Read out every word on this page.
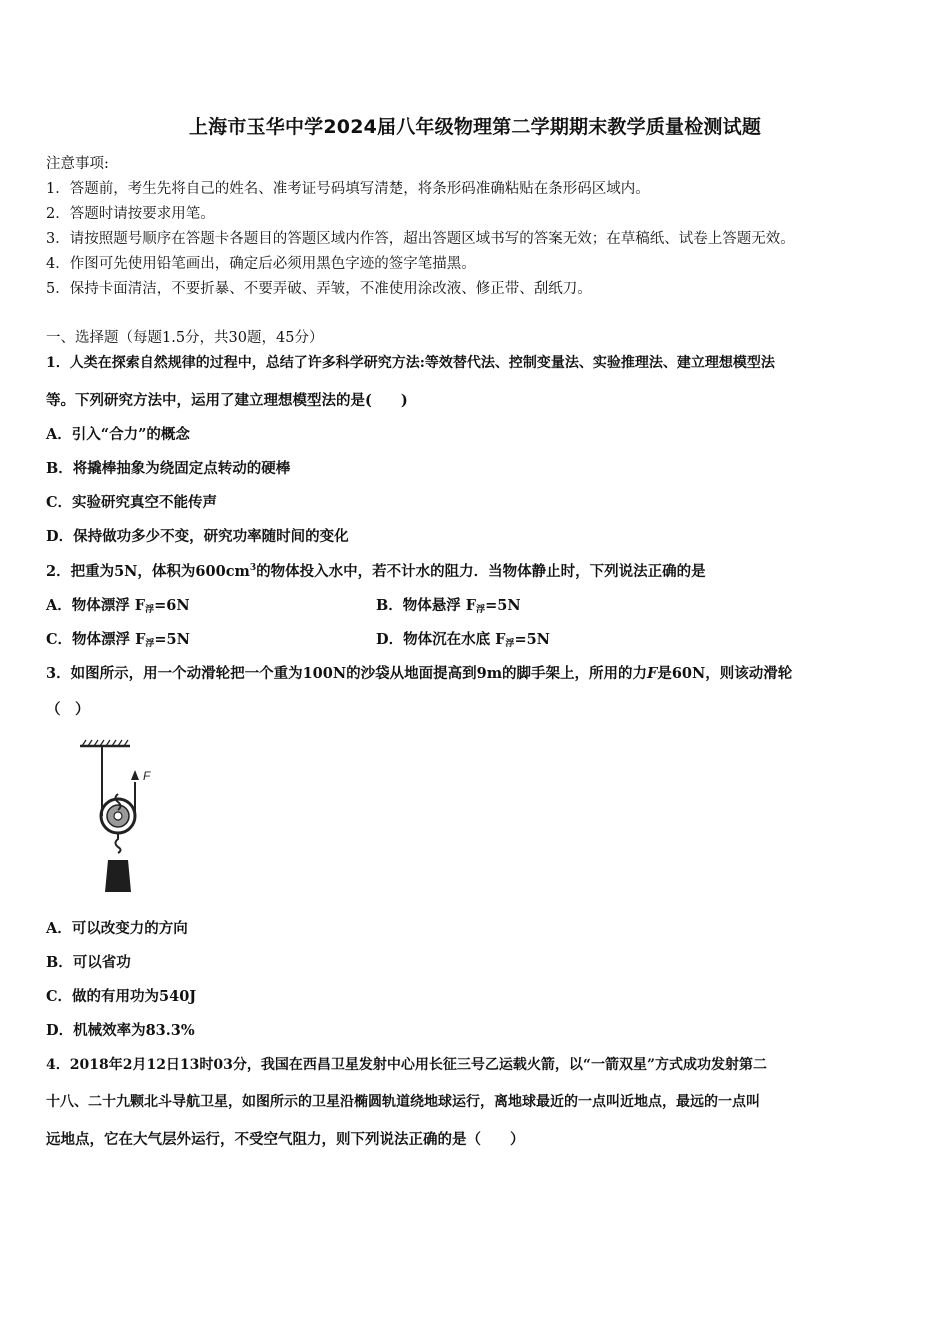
上海市玉华中学2024届八年级物理第二学期期末教学质量检测试题
注意事项:
1．答题前，考生先将自己的姓名、准考证号码填写清楚，将条形码准确粘贴在条形码区域内。
2．答题时请按要求用笔。
3．请按照题号顺序在答题卡各题目的答题区域内作答，超出答题区域书写的答案无效；在草稿纸、试卷上答题无效。
4．作图可先使用铅笔画出，确定后必须用黑色字迹的签字笔描黑。
5．保持卡面清洁，不要折暴、不要弄破、弄皱，不准使用涂改液、修正带、刮纸刀。
一、选择题（每题1.5分，共30题，45分）
1．人类在探索自然规律的过程中，总结了许多科学研究方法:等效替代法、控制变量法、实验推理法、建立理想模型法
等。下列研究方法中，运用了建立理想模型法的是(　　)
A．引入“合力”的概念
B．将撬棒抽象为绕固定点转动的硬棒
C．实验研究真空不能传声
D．保持做功多少不变，研究功率随时间的变化
2．把重为5N，体积为$600cm^3$的物体投入水中，若不计水的阻力．当物体静止时，下列说法正确的是
A．物体漂浮 $F_浮=6N$	B．物体悬浮 $F_浮=5N$
C．物体漂浮 $F_浮=5N$	D．物体沉在水底 $F_浮=5N$
3．如图所示，用一个动滑轮把一个重为100N的沙袋从地面提高到9m的脚手架上，所用的力F是60N，则该动滑轮
（　）
F
A．可以改变力的方向
B．可以省功
C．做的有用功为540J
D．机械效率为83.3%
4．2018年2月12日13时03分，我国在西昌卫星发射中心用长征三号乙运载火箭，以“一箭双星”方式成功发射第二
十八、二十九颗北斗导航卫星，如图所示的卫星沿椭圆轨道绕地球运行，离地球最近的一点叫近地点，最远的一点叫
远地点，它在大气层外运行，不受空气阻力，则下列说法正确的是（　　）
